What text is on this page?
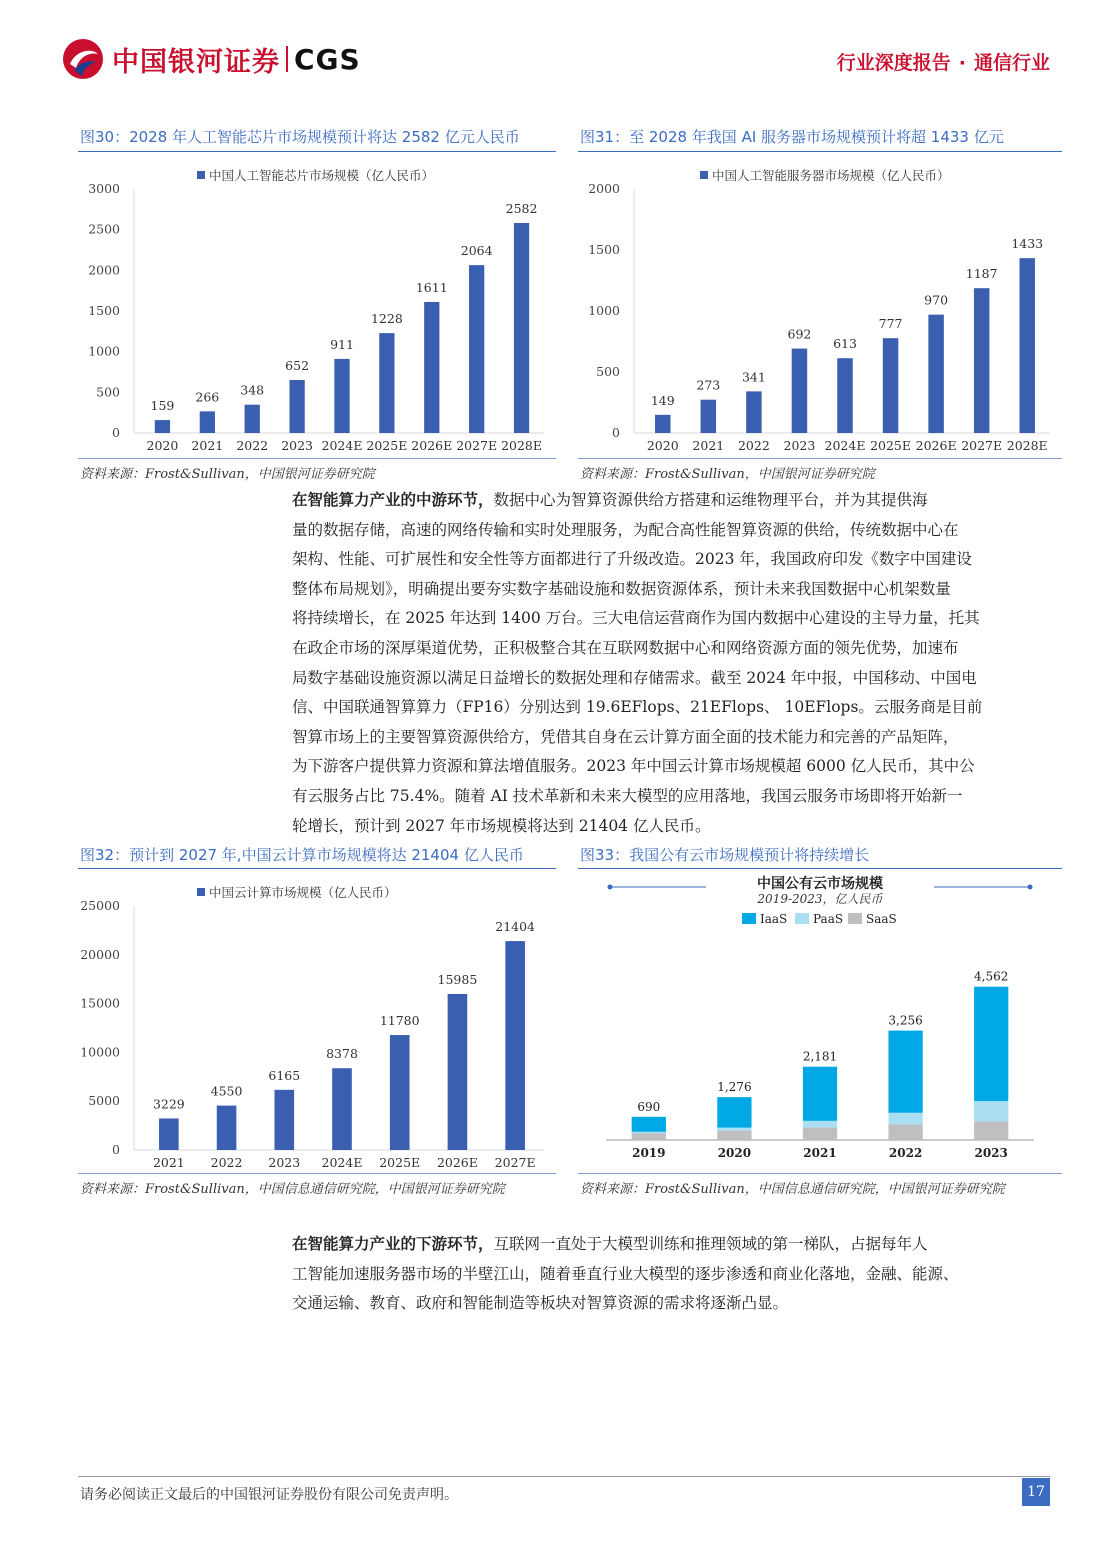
中国银河证券 CGS	行业深度报告 · 通信行业
图30：2028 年人工智能芯片市场规模预计将达 2582 亿元人民币
中国人工智能芯片市场规模（亿人民币）
0
500
1000
1500
2000
2500
3000
159
2020
266
2021
348
2022
652
2023
911
2024E
1228
2025E
1611
2026E
2064
2027E
2582
2028E
资料来源：Frost&Sullivan，中国银河证券研究院
图31：至 2028 年我国 AI 服务器市场规模预计将超 1433 亿元
中国人工智能服务器市场规模（亿人民币）
0
500
1000
1500
2000
149
2020
273
2021
341
2022
692
2023
613
2024E
777
2025E
970
2026E
1187
2027E
1433
2028E
资料来源：Frost&Sullivan，中国银河证券研究院
在智能算力产业的中游环节，数据中心为智算资源供给方搭建和运维物理平台，并为其提供海
量的数据存储，高速的网络传输和实时处理服务，为配合高性能智算资源的供给，传统数据中心在
架构、性能、可扩展性和安全性等方面都进行了升级改造。2023 年，我国政府印发《数字中国建设
整体布局规划》，明确提出要夯实数字基础设施和数据资源体系，预计未来我国数据中心机架数量
将持续增长，在 2025 年达到 1400 万台。三大电信运营商作为国内数据中心建设的主导力量，托其
在政企市场的深厚渠道优势，正积极整合其在互联网数据中心和网络资源方面的领先优势，加速布
局数字基础设施资源以满足日益增长的数据处理和存储需求。截至 2024 年中报，中国移动、中国电
信、中国联通智算算力（FP16）分别达到 19.6EFlops、21EFlops、 10EFlops。云服务商是目前
智算市场上的主要智算资源供给方，凭借其自身在云计算方面全面的技术能力和完善的产品矩阵，
为下游客户提供算力资源和算法增值服务。2023 年中国云计算市场规模超 6000 亿人民币，其中公
有云服务占比 75.4%。随着 AI 技术革新和未来大模型的应用落地，我国云服务市场即将开始新一
轮增长，预计到 2027 年市场规模将达到 21404 亿人民币。
图32：预计到 2027 年,中国云计算市场规模将达 21404 亿人民币
中国云计算市场规模（亿人民币）
0
5000
10000
15000
20000
25000
3229
2021
4550
2022
6165
2023
8378
2024E
11780
2025E
15985
2026E
21404
2027E
资料来源：Frost&Sullivan，中国信息通信研究院，中国银河证券研究院
图33：我国公有云市场规模预计将持续增长
中国公有云市场规模
2019-2023，亿人民币
IaaS PaaS SaaS
690
2019
1,276
2020
2,181
2021
3,256
2022
4,562
2023
资料来源：Frost&Sullivan，中国信息通信研究院，中国银河证券研究院
在智能算力产业的下游环节，互联网一直处于大模型训练和推理领域的第一梯队，占据每年人
工智能加速服务器市场的半壁江山，随着垂直行业大模型的逐步渗透和商业化落地，金融、能源、
交通运输、教育、政府和智能制造等板块对智算资源的需求将逐渐凸显。
请务必阅读正文最后的中国银河证券股份有限公司免责声明。	17
